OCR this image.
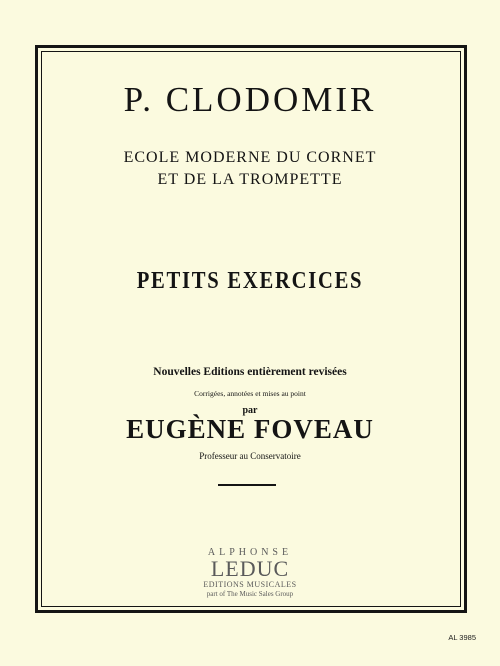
P. CLODOMIR
ECOLE MODERNE DU CORNET
ET DE LA TROMPETTE
PETITS EXERCICES
Nouvelles Editions entièrement revisées
Corrigées, annotées et mises au point
par
EUGÈNE FOVEAU
Professeur au Conservatoire
ALPHONSE
LEDUC
EDITIONS MUSICALES
part of The Music Sales Group
AL 3985
